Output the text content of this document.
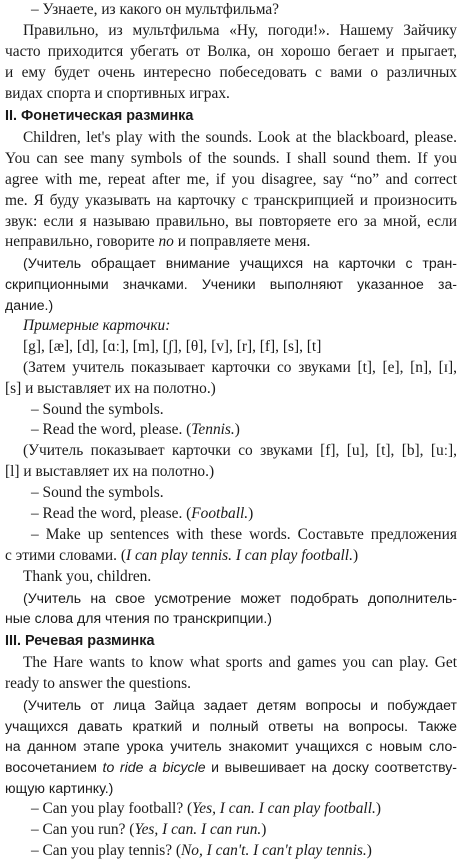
– Узнаете, из какого он мультфильма?
Правильно, из мультфильма «Ну, погоди!». Нашему Зайчику
часто приходится убегать от Волка, он хорошо бегает и прыгает,
и ему будет очень интересно побеседовать с вами о различных
видах спорта и спортивных играх.
II. Фонетическая разминка
Children, let's play with the sounds. Look at the blackboard, please.
You can see many symbols of the sounds. I shall sound them. If you
agree with me, repeat after me, if you disagree, say “no” and correct
me. Я буду указывать на карточку с транскрипцией и произносить
звук: если я называю правильно, вы повторяете его за мной, если
неправильно, говорите no и поправляете меня.
(Учитель обращает внимание учащихся на карточки с тран-
скрипционными значками. Ученики выполняют указанное за-
дание.)
Примерные карточки:
[g], [æ], [d], [ɑː], [m], [ʃ], [θ], [v], [r], [f], [s], [t]
(Затем учитель показывает карточки со звуками [t], [e], [n], [ɪ],
[s] и выставляет их на полотно.)
– Sound the symbols.
– Read the word, please. (Tennis.)
(Учитель показывает карточки со звуками [f], [u], [t], [b], [uː],
[l] и выставляет их на полотно.)
– Sound the symbols.
– Read the word, please. (Football.)
– Make up sentences with these words. Составьте предложения
с этими словами. (I can play tennis. I can play football.)
Thank you, children.
(Учитель на свое усмотрение может подобрать дополнитель-
ные слова для чтения по транскрипции.)
III. Речевая разминка
The Hare wants to know what sports and games you can play. Get
ready to answer the questions.
(Учитель от лица Зайца задает детям вопросы и побуждает
учащихся давать краткий и полный ответы на вопросы. Также
на данном этапе урока учитель знакомит учащихся с новым сло-
восочетанием to ride a bicycle и вывешивает на доску соответству-
ющую картинку.)
– Can you play football? (Yes, I can. I can play football.)
– Can you run? (Yes, I can. I can run.)
– Can you play tennis? (No, I can't. I can't play tennis.)
